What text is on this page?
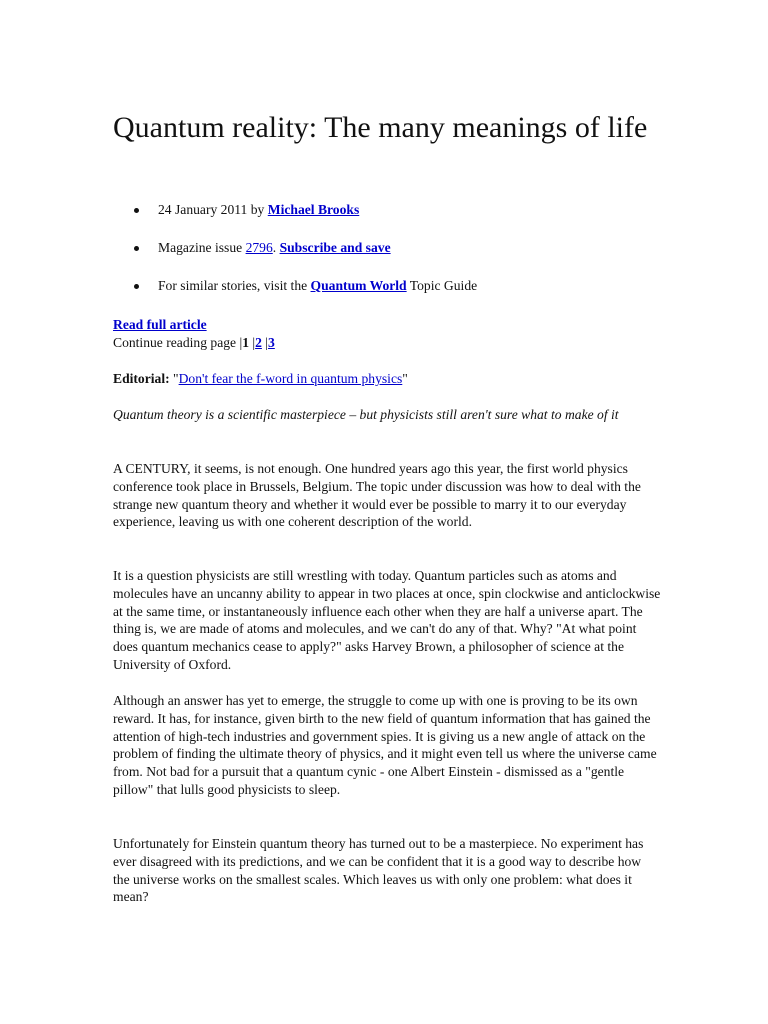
Quantum reality: The many meanings of life
24 January 2011 by Michael Brooks
Magazine issue 2796. Subscribe and save
For similar stories, visit the Quantum World Topic Guide
Read full article
Continue reading page |1 |2 |3
Editorial: "Don't fear the f-word in quantum physics"

Quantum theory is a scientific masterpiece – but physicists still aren't sure what to make of it

A CENTURY, it seems, is not enough. One hundred years ago this year, the first world physics conference took place in Brussels, Belgium. The topic under discussion was how to deal with the strange new quantum theory and whether it would ever be possible to marry it to our everyday experience, leaving us with one coherent description of the world.

It is a question physicists are still wrestling with today. Quantum particles such as atoms and molecules have an uncanny ability to appear in two places at once, spin clockwise and anticlockwise at the same time, or instantaneously influence each other when they are half a universe apart. The thing is, we are made of atoms and molecules, and we can't do any of that. Why? "At what point does quantum mechanics cease to apply?" asks Harvey Brown, a philosopher of science at the University of Oxford.

Although an answer has yet to emerge, the struggle to come up with one is proving to be its own reward. It has, for instance, given birth to the new field of quantum information that has gained the attention of high-tech industries and government spies. It is giving us a new angle of attack on the problem of finding the ultimate theory of physics, and it might even tell us where the universe came from. Not bad for a pursuit that a quantum cynic - one Albert Einstein - dismissed as a "gentle pillow" that lulls good physicists to sleep.

Unfortunately for Einstein quantum theory has turned out to be a masterpiece. No experiment has ever disagreed with its predictions, and we can be confident that it is a good way to describe how the universe works on the smallest scales. Which leaves us with only one problem: what does it mean?
